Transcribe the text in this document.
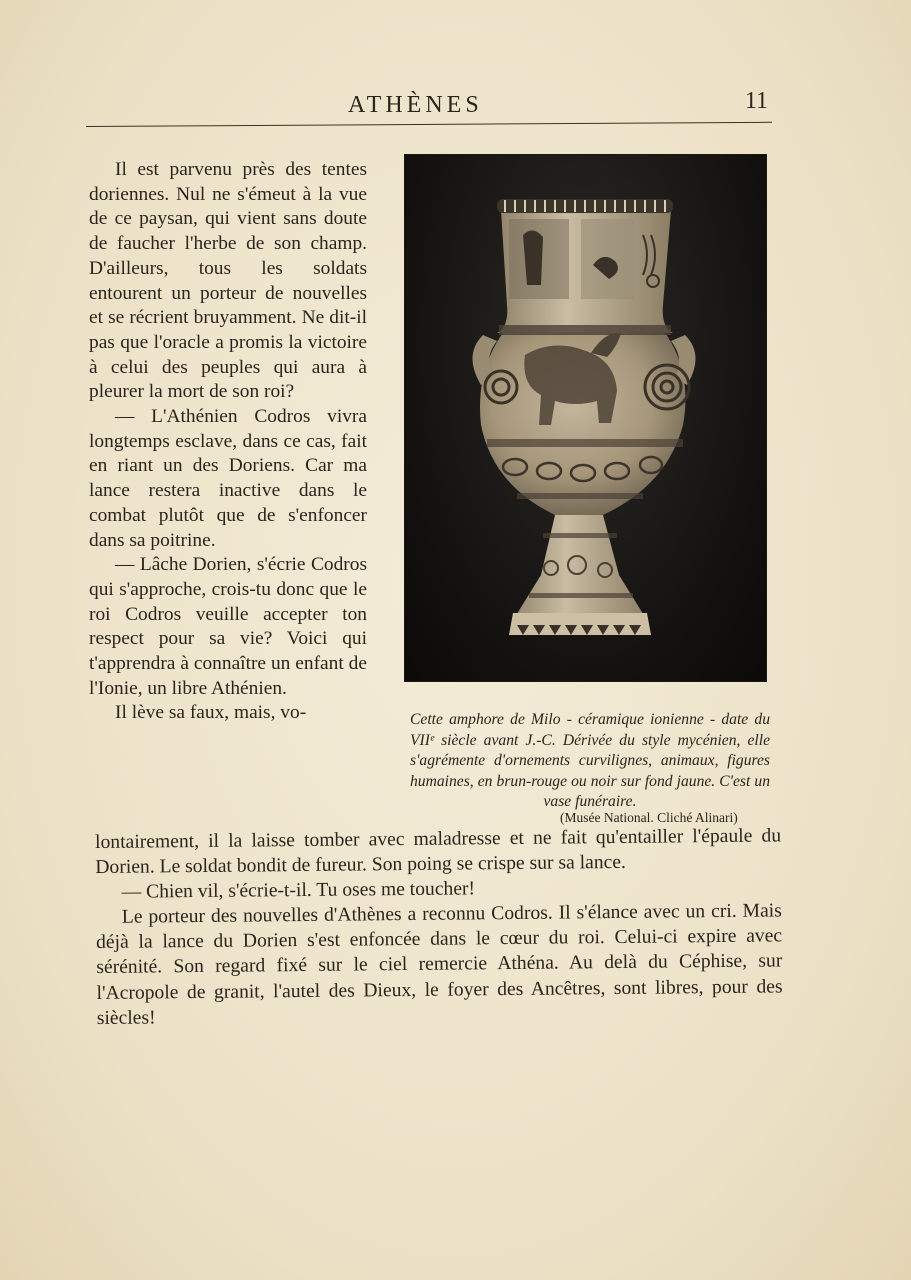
ATHÈNES	11

Il est parvenu près des tentes doriennes. Nul ne s'émeut à la vue de ce paysan, qui vient sans doute de faucher l'herbe de son champ. D'ailleurs, tous les soldats entourent un porteur de nouvelles et se récrient bruyamment. Ne dit-il pas que l'oracle a promis la victoire à celui des peuples qui aura à pleurer la mort de son roi?

— L'Athénien Codros vivra longtemps esclave, dans ce cas, fait en riant un des Doriens. Car ma lance restera inactive dans le combat plutôt que de s'enfoncer dans sa poitrine.

— Lâche Dorien, s'écrie Codros qui s'approche, crois-tu donc que le roi Codros veuille accepter ton respect pour sa vie? Voici qui t'apprendra à connaître un enfant de l'Ionie, un libre Athénien.

Il lève sa faux, mais, vo-	Cette amphore de Milo - céramique ionienne - date du VIIᵉ siècle avant J.-C. Dérivée du style mycénien, elle s'agrémente d'ornements curvilignes, animaux, figures humaines, en brun-rouge ou noir sur fond jaune. C'est un vase funéraire.
(Musée National. Cliché Alinari)

lontairement, il la laisse tomber avec maladresse et ne fait qu'entailler l'épaule du Dorien. Le soldat bondit de fureur. Son poing se crispe sur sa lance.

— Chien vil, s'écrie-t-il. Tu oses me toucher!

Le porteur des nouvelles d'Athènes a reconnu Codros. Il s'élance avec un cri. Mais déjà la lance du Dorien s'est enfoncée dans le cœur du roi. Celui-ci expire avec sérénité. Son regard fixé sur le ciel remercie Athéna. Au delà du Céphise, sur l'Acropole de granit, l'autel des Dieux, le foyer des Ancêtres, sont libres, pour des siècles!
